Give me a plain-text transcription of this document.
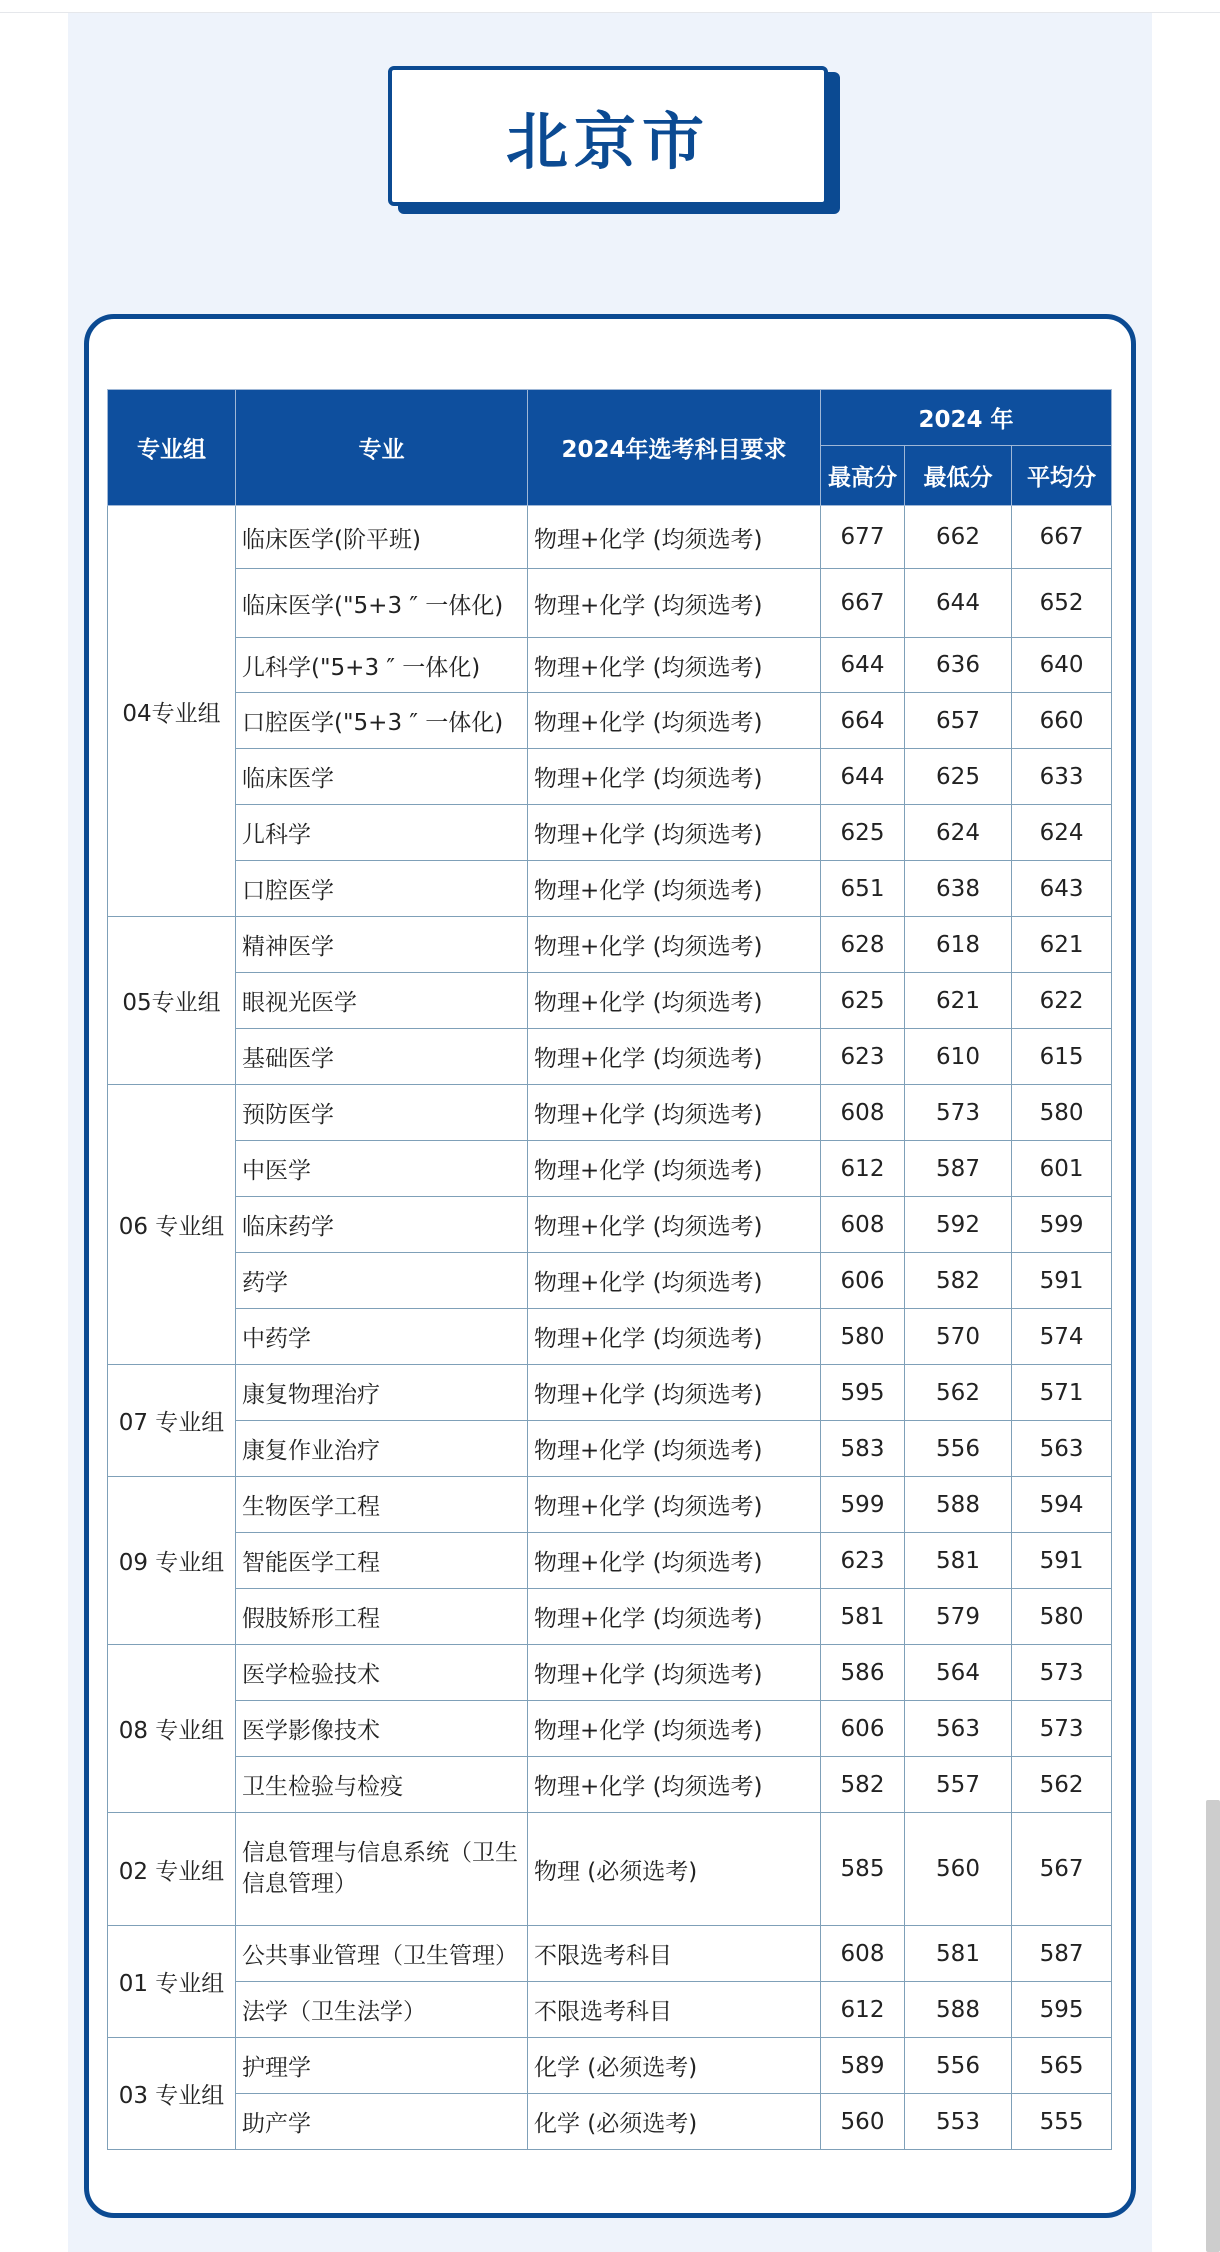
北京市
专业组	专业	2024年选考科目要求	2024 年		
			最高分	最低分	平均分
04专业组	临床医学(阶平班)	物理+化学 (均须选考)	677	662	667
	临床医学("5+3 ″ 一体化)	物理+化学 (均须选考)	667	644	652
	儿科学("5+3 ″ 一体化)	物理+化学 (均须选考)	644	636	640
	口腔医学("5+3 ″ 一体化)	物理+化学 (均须选考)	664	657	660
	临床医学	物理+化学 (均须选考)	644	625	633
	儿科学	物理+化学 (均须选考)	625	624	624
	口腔医学	物理+化学 (均须选考)	651	638	643
05专业组	精神医学	物理+化学 (均须选考)	628	618	621
	眼视光医学	物理+化学 (均须选考)	625	621	622
	基础医学	物理+化学 (均须选考)	623	610	615
06 专业组	预防医学	物理+化学 (均须选考)	608	573	580
	中医学	物理+化学 (均须选考)	612	587	601
	临床药学	物理+化学 (均须选考)	608	592	599
	药学	物理+化学 (均须选考)	606	582	591
	中药学	物理+化学 (均须选考)	580	570	574
07 专业组	康复物理治疗	物理+化学 (均须选考)	595	562	571
	康复作业治疗	物理+化学 (均须选考)	583	556	563
09 专业组	生物医学工程	物理+化学 (均须选考)	599	588	594
	智能医学工程	物理+化学 (均须选考)	623	581	591
	假肢矫形工程	物理+化学 (均须选考)	581	579	580
08 专业组	医学检验技术	物理+化学 (均须选考)	586	564	573
	医学影像技术	物理+化学 (均须选考)	606	563	573
	卫生检验与检疫	物理+化学 (均须选考)	582	557	562
02 专业组	信息管理与信息系统（卫生信息管理）	物理 (必须选考)	585	560	567
01 专业组	公共事业管理（卫生管理）	不限选考科目	608	581	587
	法学（卫生法学）	不限选考科目	612	588	595
03 专业组	护理学	化学 (必须选考)	589	556	565
	助产学	化学 (必须选考)	560	553	555
